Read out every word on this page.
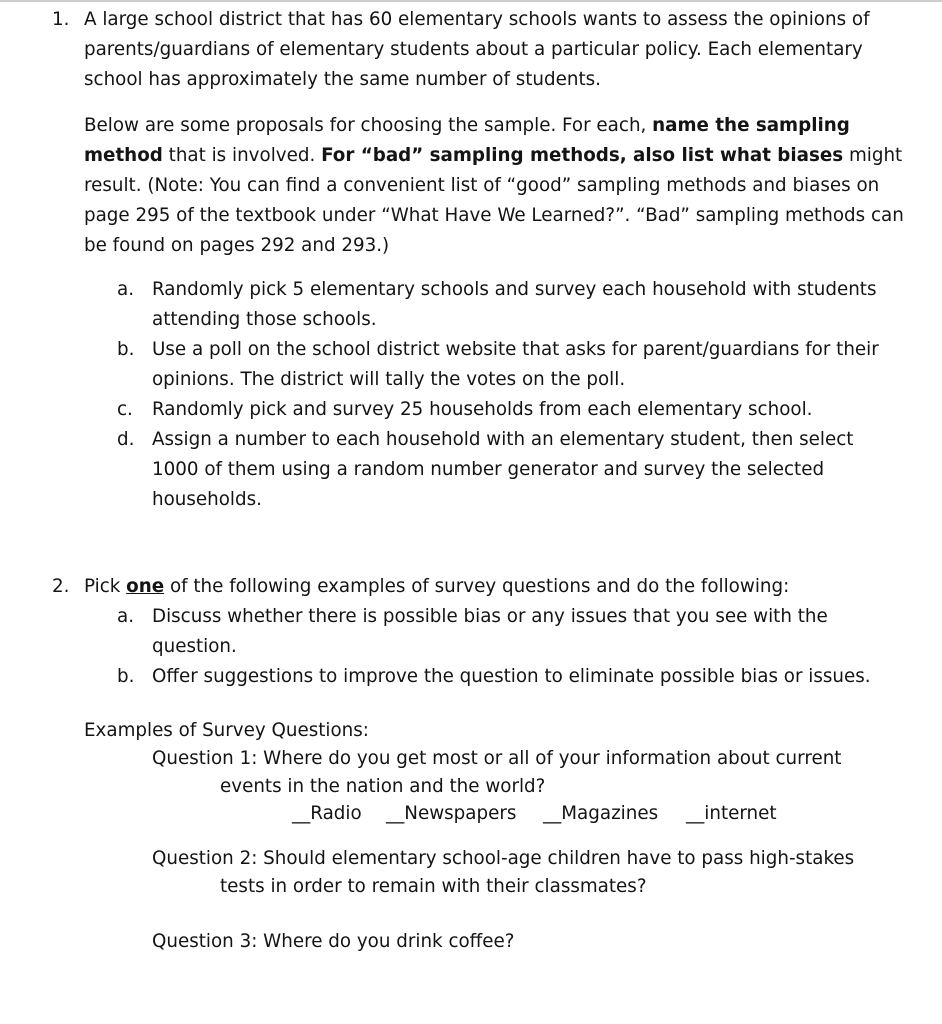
1. A large school district that has 60 elementary schools wants to assess the opinions of parents/guardians of elementary students about a particular policy. Each elementary school has approximately the same number of students.

Below are some proposals for choosing the sample. For each, name the sampling method that is involved. For “bad” sampling methods, also list what biases might result. (Note: You can find a convenient list of “good” sampling methods and biases on page 295 of the textbook under “What Have We Learned?”. “Bad” sampling methods can be found on pages 292 and 293.)

a. Randomly pick 5 elementary schools and survey each household with students attending those schools.

b. Use a poll on the school district website that asks for parent/guardians for their opinions. The district will tally the votes on the poll.

c. Randomly pick and survey 25 households from each elementary school.

d. Assign a number to each household with an elementary student, then select 1000 of them using a random number generator and survey the selected households.

2. Pick one of the following examples of survey questions and do the following:

a. Discuss whether there is possible bias or any issues that you see with the question.

b. Offer suggestions to improve the question to eliminate possible bias or issues.

Examples of Survey Questions:

Question 1: Where do you get most or all of your information about current
events in the nation and the world?
__Radio __Newspapers __Magazines __internet
Question 2: Should elementary school-age children have to pass high-stakes
tests in order to remain with their classmates?
Question 3: Where do you drink coffee?
